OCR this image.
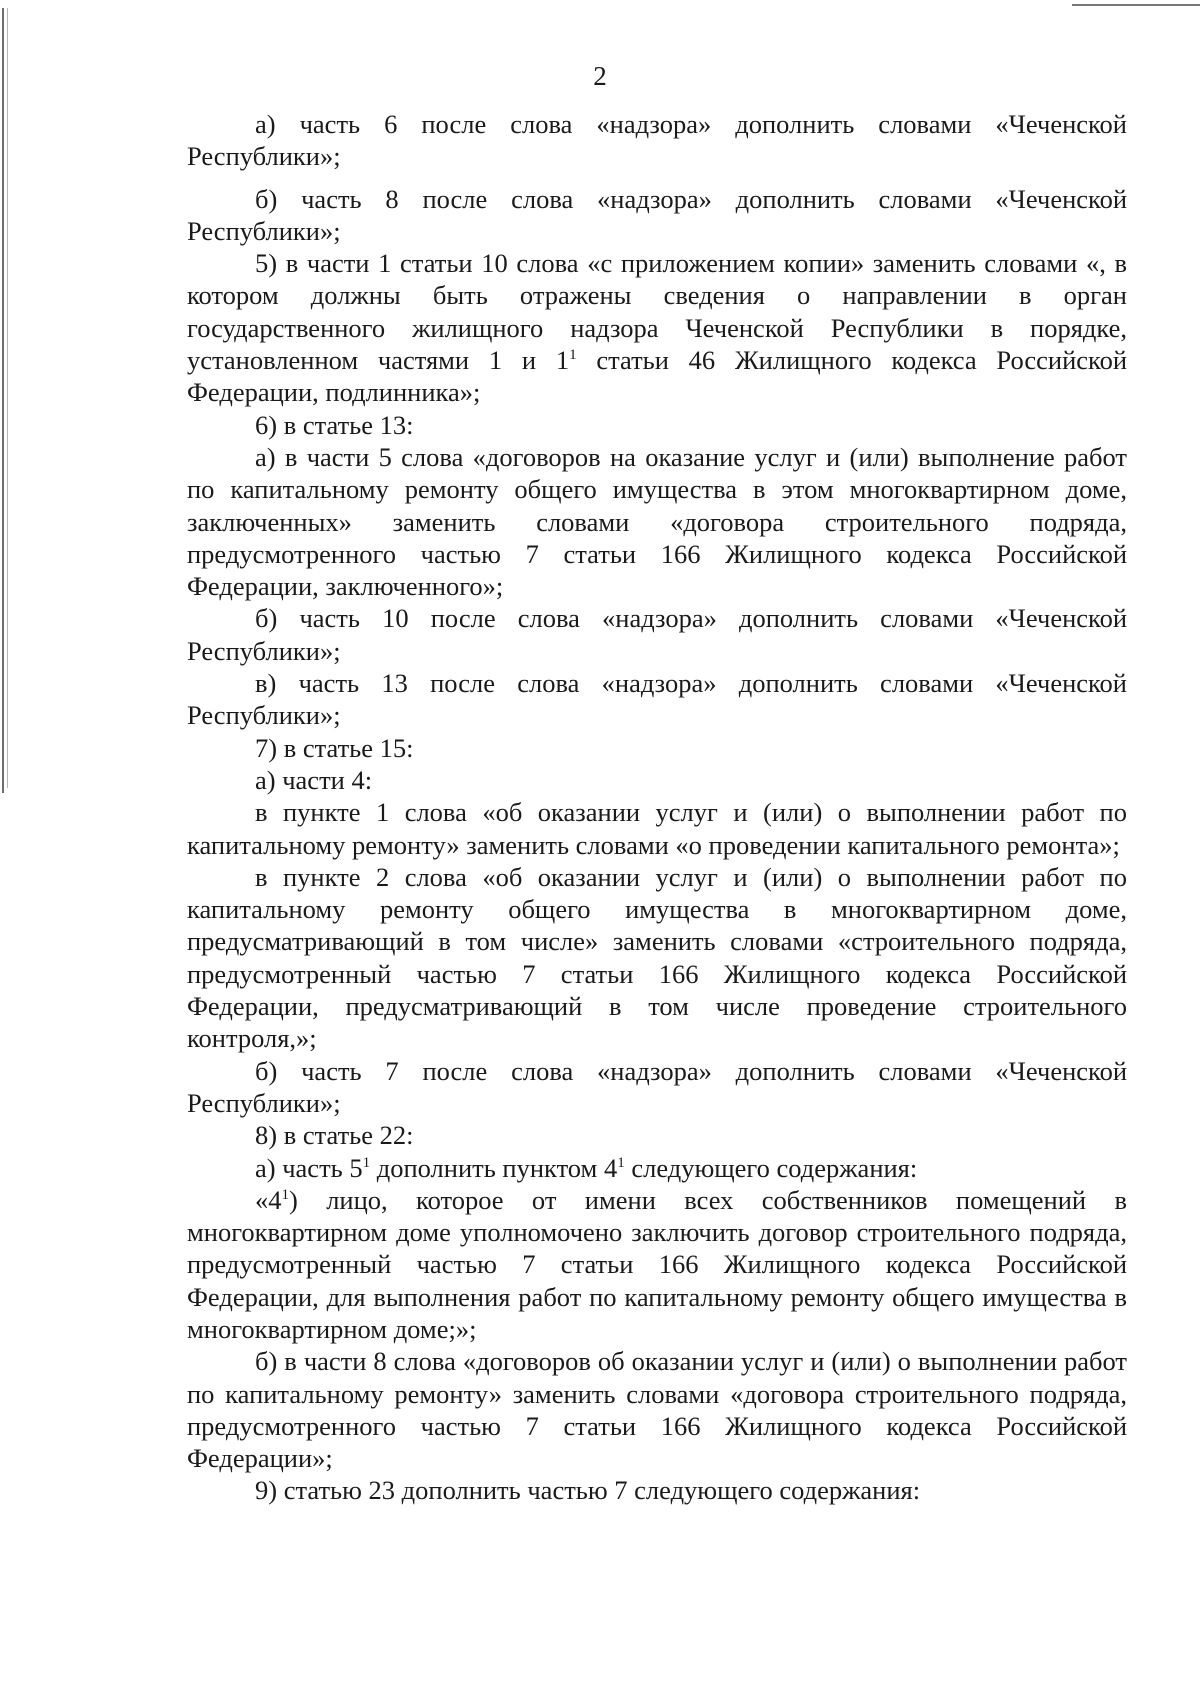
2

а) часть 6 после слова «надзора» дополнить словами «Чеченской Республики»;

б) часть 8 после слова «надзора» дополнить словами «Чеченской Республики»;

5) в части 1 статьи 10 слова «с приложением копии» заменить словами «, в котором должны быть отражены сведения о направлении в орган государственного жилищного надзора Чеченской Республики в порядке, установленном частями 1 и $1^1$ статьи 46 Жилищного кодекса Российской Федерации, подлинника»;

6) в статье 13:

а) в части 5 слова «договоров на оказание услуг и (или) выполнение работ по капитальному ремонту общего имущества в этом многоквартирном доме, заключенных» заменить словами «договора строительного подряда, предусмотренного частью 7 статьи 166 Жилищного кодекса Российской Федерации, заключенного»;

б) часть 10 после слова «надзора» дополнить словами «Чеченской Республики»;

в) часть 13 после слова «надзора» дополнить словами «Чеченской Республики»;

7) в статье 15:

а) части 4:

в пункте 1 слова «об оказании услуг и (или) о выполнении работ по капитальному ремонту» заменить словами «о проведении капитального ремонта»;

в пункте 2 слова «об оказании услуг и (или) о выполнении работ по капитальному ремонту общего имущества в многоквартирном доме, предусматривающий в том числе» заменить словами «строительного подряда, предусмотренный частью 7 статьи 166 Жилищного кодекса Российской Федерации, предусматривающий в том числе проведение строительного контроля,»;

б) часть 7 после слова «надзора» дополнить словами «Чеченской Республики»;

8) в статье 22:

а) часть $5^1$ дополнить пунктом $4^1$ следующего содержания:

«$4^1$) лицо, которое от имени всех собственников помещений в многоквартирном доме уполномочено заключить договор строительного подряда, предусмотренный частью 7 статьи 166 Жилищного кодекса Российской Федерации, для выполнения работ по капитальному ремонту общего имущества в многоквартирном доме;»;

б) в части 8 слова «договоров об оказании услуг и (или) о выполнении работ по капитальному ремонту» заменить словами «договора строительного подряда, предусмотренного частью 7 статьи 166 Жилищного кодекса Российской Федерации»;

9) статью 23 дополнить частью 7 следующего содержания:
